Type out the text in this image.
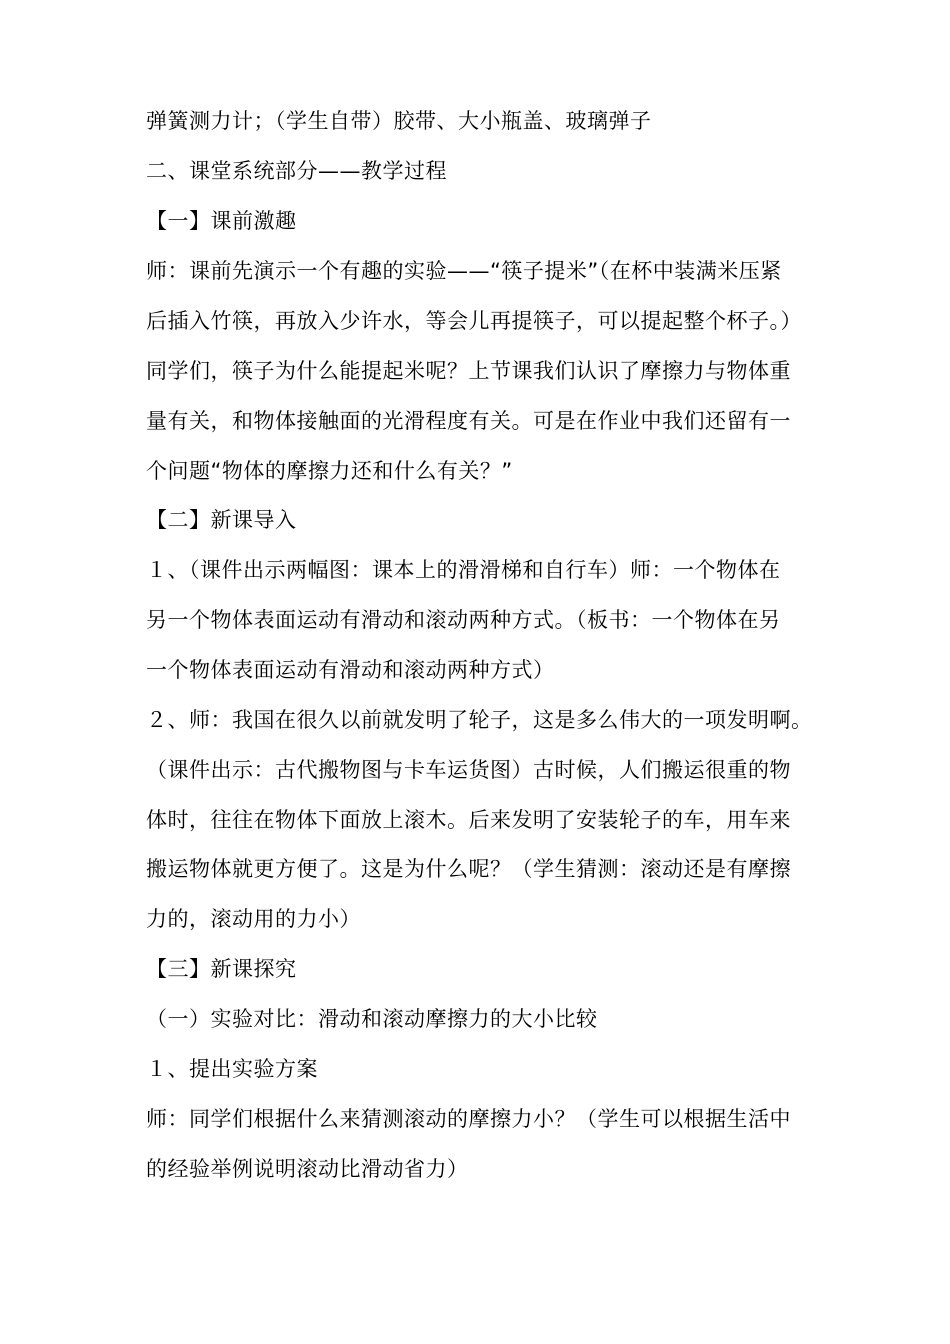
弹簧测力计；（学生自带）胶带、大小瓶盖、玻璃弹子
二、课堂系统部分——教学过程
【一】课前激趣
师：课前先演示一个有趣的实验——“筷子提米”（在杯中装满米压紧
后插入竹筷，再放入少许水，等会儿再提筷子，可以提起整个杯子。）
同学们，筷子为什么能提起米呢？上节课我们认识了摩擦力与物体重
量有关，和物体接触面的光滑程度有关。可是在作业中我们还留有一
个问题“物体的摩擦力还和什么有关？”
【二】新课导入
１、（课件出示两幅图：课本上的滑滑梯和自行车）师：一个物体在
另一个物体表面运动有滑动和滚动两种方式。（板书：一个物体在另
一个物体表面运动有滑动和滚动两种方式）
２、师：我国在很久以前就发明了轮子，这是多么伟大的一项发明啊。
（课件出示：古代搬物图与卡车运货图）古时候，人们搬运很重的物
体时，往往在物体下面放上滚木。后来发明了安装轮子的车，用车来
搬运物体就更方便了。这是为什么呢？（学生猜测：滚动还是有摩擦
力的，滚动用的力小）
【三】新课探究
（一）实验对比：滑动和滚动摩擦力的大小比较
１、提出实验方案
师：同学们根据什么来猜测滚动的摩擦力小？（学生可以根据生活中
的经验举例说明滚动比滑动省力）
